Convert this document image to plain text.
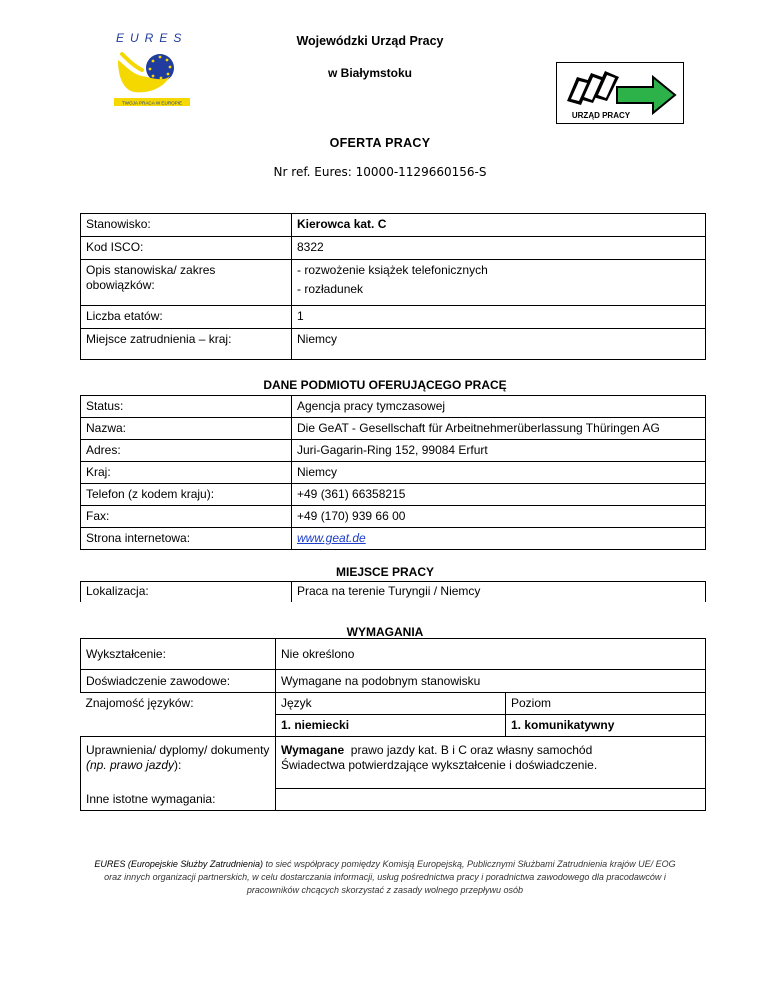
EURES
TWOJA PRACA W EUROPIE
Wojewódzki Urząd Pracy
w Białymstoku
URZĄD PRACY
OFERTA PRACY
Nr ref. Eures: 10000-1129660156-S
Stanowisko:	Kierowca kat. C
Kod ISCO:	8322
Opis stanowiska/ zakres obowiązków:	- rozwożenie książek telefonicznych
- rozładunek

Liczba etatów:	1
Miejsce zatrudnienia – kraj:	Niemcy
DANE PODMIOTU OFERUJĄCEGO PRACĘ
Status:	Agencja pracy tymczasowej
Nazwa:	Die GeAT - Gesellschaft für Arbeitnehmerüberlassung Thüringen AG
Adres:	Juri-Gagarin-Ring 152, 99084 Erfurt
Kraj:	Niemcy
Telefon (z kodem kraju):	+49 (361) 66358215
Fax:	+49 (170) 939 66 00
Strona internetowa:	www.geat.de
MIEJSCE PRACY
Lokalizacja:	Praca na terenie Turyngii / Niemcy
WYMAGANIA
Wykształcenie:	Nie określono	
Doświadczenie zawodowe:	Wymagane na podobnym stanowisku	
Znajomość języków:	Język	Poziom
	1. niemiecki	1. komunikatywny
Uprawnienia/ dyplomy/ dokumenty
(np. prawo jazdy):	Wymagane  prawo jazdy kat. B i C oraz własny samochód
Świadectwa potwierdzające wykształcenie i doświadczenie.	
Inne istotne wymagania:		
EURES (Europejskie Służby Zatrudnienia) to sieć współpracy pomiędzy Komisją Europejską, Publicznymi Służbami Zatrudnienia krajów UE/ EOG oraz innych organizacji partnerskich, w celu dostarczania informacji, usług pośrednictwa pracy i poradnictwa zawodowego dla pracodawców i pracowników chcących skorzystać z zasady wolnego przepływu osób
